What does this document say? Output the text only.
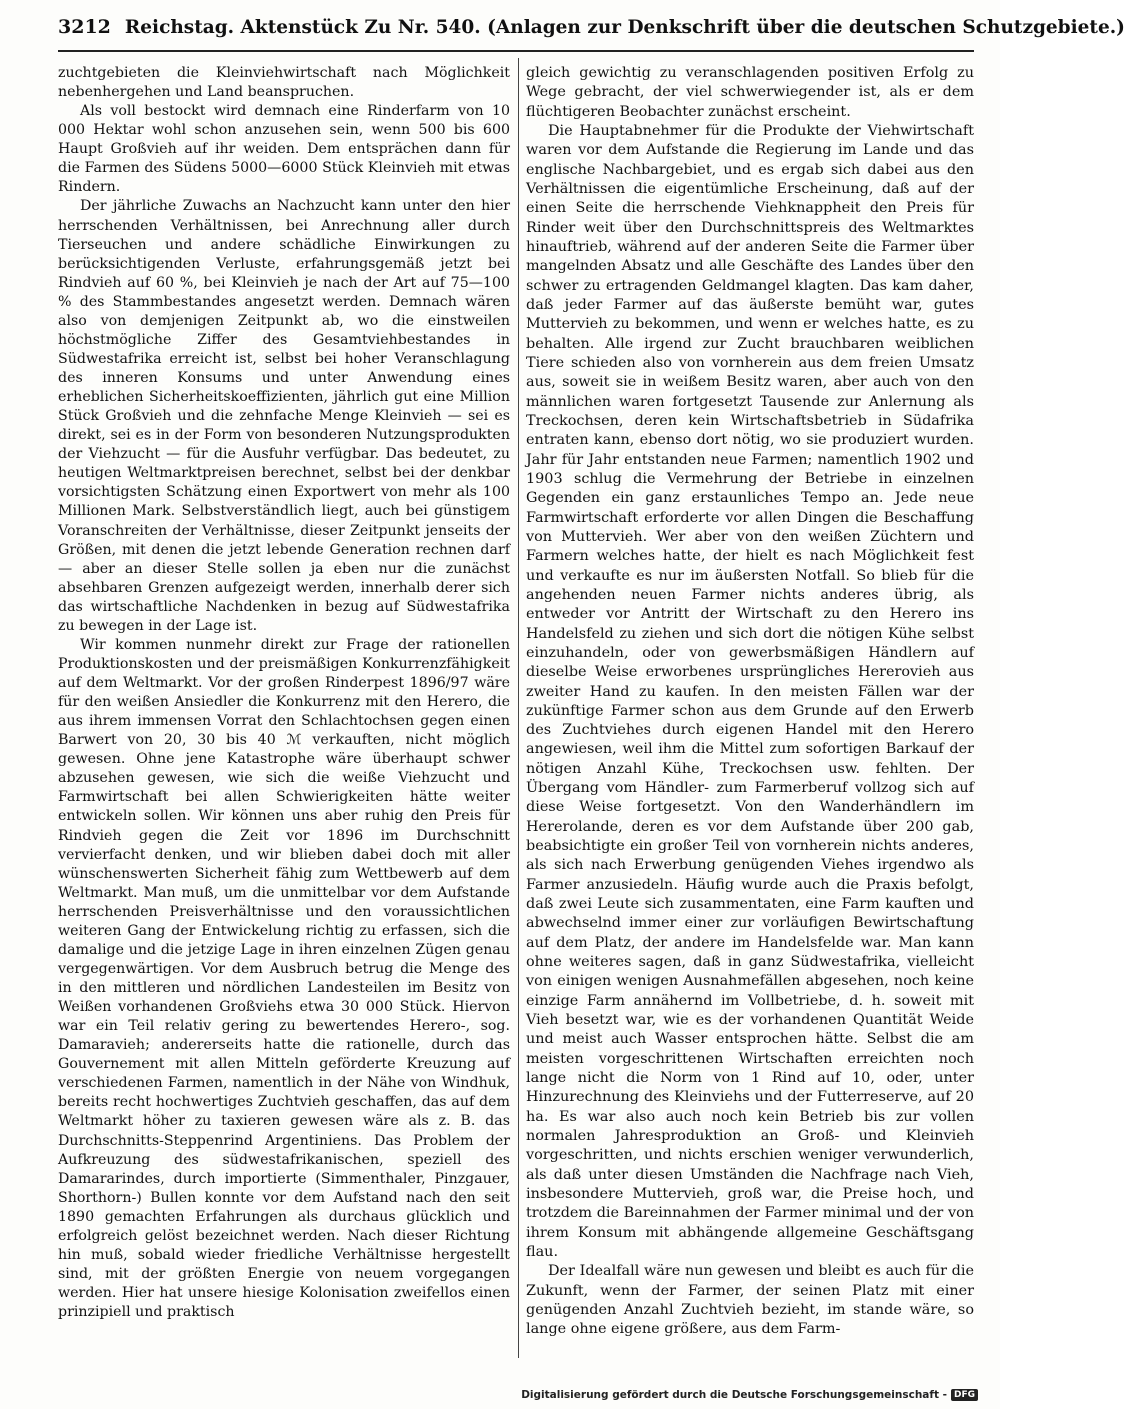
3212 Reichstag. Aktenstück Zu Nr. 540. (Anlagen zur Denkschrift über die deutschen Schutzgebiete.)

zuchtgebieten die Kleinviehwirtschaft nach Möglichkeit nebenhergehen und Land beanspruchen.

Als voll bestockt wird demnach eine Rinderfarm von 10 000 Hektar wohl schon anzusehen sein, wenn 500 bis 600 Haupt Großvieh auf ihr weiden. Dem entsprächen dann für die Farmen des Südens 5000—6000 Stück Kleinvieh mit etwas Rindern.

Der jährliche Zuwachs an Nachzucht kann unter den hier herrschenden Verhältnissen, bei Anrechnung aller durch Tierseuchen und andere schädliche Einwirkungen zu berücksichtigenden Verluste, erfahrungsgemäß jetzt bei Rindvieh auf 60 %, bei Kleinvieh je nach der Art auf 75—100 % des Stammbestandes angesetzt werden. Demnach wären also von demjenigen Zeitpunkt ab, wo die einstweilen höchstmögliche Ziffer des Gesamtviehbestandes in Südwestafrika erreicht ist, selbst bei hoher Veranschlagung des inneren Konsums und unter Anwendung eines erheblichen Sicherheitskoeffizienten, jährlich gut eine Million Stück Großvieh und die zehnfache Menge Kleinvieh — sei es direkt, sei es in der Form von besonderen Nutzungsprodukten der Viehzucht — für die Ausfuhr verfügbar. Das bedeutet, zu heutigen Weltmarktpreisen berechnet, selbst bei der denkbar vorsichtigsten Schätzung einen Exportwert von mehr als 100 Millionen Mark. Selbstverständlich liegt, auch bei günstigem Voranschreiten der Verhältnisse, dieser Zeitpunkt jenseits der Größen, mit denen die jetzt lebende Generation rechnen darf — aber an dieser Stelle sollen ja eben nur die zunächst absehbaren Grenzen aufgezeigt werden, innerhalb derer sich das wirtschaftliche Nachdenken in bezug auf Südwestafrika zu bewegen in der Lage ist.

Wir kommen nunmehr direkt zur Frage der rationellen Produktionskosten und der preismäßigen Konkurrenzfähigkeit auf dem Weltmarkt. Vor der großen Rinderpest 1896/97 wäre für den weißen Ansiedler die Konkurrenz mit den Herero, die aus ihrem immensen Vorrat den Schlachtochsen gegen einen Barwert von 20, 30 bis 40 ℳ verkauften, nicht möglich gewesen. Ohne jene Katastrophe wäre überhaupt schwer abzusehen gewesen, wie sich die weiße Viehzucht und Farmwirtschaft bei allen Schwierigkeiten hätte weiter entwickeln sollen. Wir können uns aber ruhig den Preis für Rindvieh gegen die Zeit vor 1896 im Durchschnitt vervierfacht denken, und wir blieben dabei doch mit aller wünschenswerten Sicherheit fähig zum Wettbewerb auf dem Weltmarkt. Man muß, um die unmittelbar vor dem Aufstande herrschenden Preisverhältnisse und den voraussichtlichen weiteren Gang der Entwickelung richtig zu erfassen, sich die damalige und die jetzige Lage in ihren einzelnen Zügen genau vergegenwärtigen. Vor dem Ausbruch betrug die Menge des in den mittleren und nördlichen Landesteilen im Besitz von Weißen vorhandenen Großviehs etwa 30 000 Stück. Hiervon war ein Teil relativ gering zu bewertendes Herero-, sog. Damaravieh; andererseits hatte die rationelle, durch das Gouvernement mit allen Mitteln geförderte Kreuzung auf verschiedenen Farmen, namentlich in der Nähe von Windhuk, bereits recht hochwertiges Zuchtvieh geschaffen, das auf dem Weltmarkt höher zu taxieren gewesen wäre als z. B. das Durchschnitts-Steppenrind Argentiniens. Das Problem der Aufkreuzung des südwestafrikanischen, speziell des Damararindes, durch importierte (Simmenthaler, Pinzgauer, Shorthorn-) Bullen konnte vor dem Aufstand nach den seit 1890 gemachten Erfahrungen als durchaus glücklich und erfolgreich gelöst bezeichnet werden. Nach dieser Richtung hin muß, sobald wieder friedliche Verhältnisse hergestellt sind, mit der größten Energie von neuem vorgegangen werden. Hier hat unsere hiesige Kolonisation zweifellos einen prinzipiell und praktisch

gleich gewichtig zu veranschlagenden positiven Erfolg zu Wege gebracht, der viel schwerwiegender ist, als er dem flüchtigeren Beobachter zunächst erscheint.

Die Hauptabnehmer für die Produkte der Viehwirtschaft waren vor dem Aufstande die Regierung im Lande und das englische Nachbargebiet, und es ergab sich dabei aus den Verhältnissen die eigentümliche Erscheinung, daß auf der einen Seite die herrschende Viehknappheit den Preis für Rinder weit über den Durchschnittspreis des Weltmarktes hinauftrieb, während auf der anderen Seite die Farmer über mangelnden Absatz und alle Geschäfte des Landes über den schwer zu ertragenden Geldmangel klagten. Das kam daher, daß jeder Farmer auf das äußerste bemüht war, gutes Muttervieh zu bekommen, und wenn er welches hatte, es zu behalten. Alle irgend zur Zucht brauchbaren weiblichen Tiere schieden also von vornherein aus dem freien Umsatz aus, soweit sie in weißem Besitz waren, aber auch von den männlichen waren fortgesetzt Tausende zur Anlernung als Treckochsen, deren kein Wirtschaftsbetrieb in Südafrika entraten kann, ebenso dort nötig, wo sie produziert wurden. Jahr für Jahr entstanden neue Farmen; namentlich 1902 und 1903 schlug die Vermehrung der Betriebe in einzelnen Gegenden ein ganz erstaunliches Tempo an. Jede neue Farmwirtschaft erforderte vor allen Dingen die Beschaffung von Muttervieh. Wer aber von den weißen Züchtern und Farmern welches hatte, der hielt es nach Möglichkeit fest und verkaufte es nur im äußersten Notfall. So blieb für die angehenden neuen Farmer nichts anderes übrig, als entweder vor Antritt der Wirtschaft zu den Herero ins Handelsfeld zu ziehen und sich dort die nötigen Kühe selbst einzuhandeln, oder von gewerbsmäßigen Händlern auf dieselbe Weise erworbenes ursprüngliches Hererovieh aus zweiter Hand zu kaufen. In den meisten Fällen war der zukünftige Farmer schon aus dem Grunde auf den Erwerb des Zuchtviehes durch eigenen Handel mit den Herero angewiesen, weil ihm die Mittel zum sofortigen Barkauf der nötigen Anzahl Kühe, Treckochsen usw. fehlten. Der Übergang vom Händler- zum Farmerberuf vollzog sich auf diese Weise fortgesetzt. Von den Wanderhändlern im Hererolande, deren es vor dem Aufstande über 200 gab, beabsichtigte ein großer Teil von vornherein nichts anderes, als sich nach Erwerbung genügenden Viehes irgendwo als Farmer anzusiedeln. Häufig wurde auch die Praxis befolgt, daß zwei Leute sich zusammentaten, eine Farm kauften und abwechselnd immer einer zur vorläufigen Bewirtschaftung auf dem Platz, der andere im Handelsfelde war. Man kann ohne weiteres sagen, daß in ganz Südwestafrika, vielleicht von einigen wenigen Ausnahmefällen abgesehen, noch keine einzige Farm annähernd im Vollbetriebe, d. h. soweit mit Vieh besetzt war, wie es der vorhandenen Quantität Weide und meist auch Wasser entsprochen hätte. Selbst die am meisten vorgeschrittenen Wirtschaften erreichten noch lange nicht die Norm von 1 Rind auf 10, oder, unter Hinzurechnung des Kleinviehs und der Futterreserve, auf 20 ha. Es war also auch noch kein Betrieb bis zur vollen normalen Jahresproduktion an Groß- und Kleinvieh vorgeschritten, und nichts erschien weniger verwunderlich, als daß unter diesen Umständen die Nachfrage nach Vieh, insbesondere Muttervieh, groß war, die Preise hoch, und trotzdem die Bareinnahmen der Farmer minimal und der von ihrem Konsum mit abhängende allgemeine Geschäftsgang flau.

Der Idealfall wäre nun gewesen und bleibt es auch für die Zukunft, wenn der Farmer, der seinen Platz mit einer genügenden Anzahl Zuchtvieh bezieht, im stande wäre, so lange ohne eigene größere, aus dem Farm-

Digitalisierung gefördert durch die Deutsche Forschungsgemeinschaft - DFG
